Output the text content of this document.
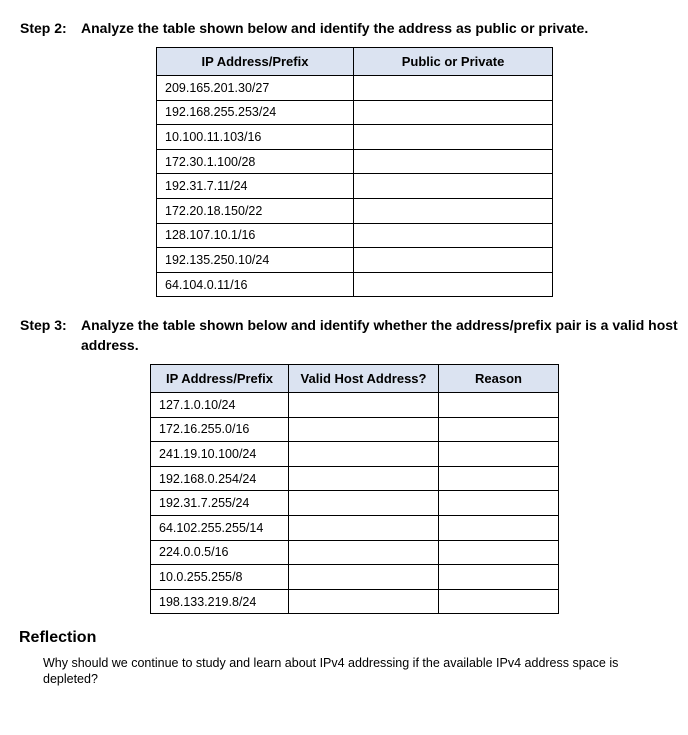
Step 2: Analyze the table shown below and identify the address as public or private.
IP Address/Prefix	Public or Private
209.165.201.30/27	
192.168.255.253/24	
10.100.11.103/16	
172.30.1.100/28	
192.31.7.11/24	
172.20.18.150/22	
128.107.10.1/16	
192.135.250.10/24	
64.104.0.11/16	
Step 3: Analyze the table shown below and identify whether the address/prefix pair is a valid host address.
IP Address/Prefix	Valid Host Address?	Reason
127.1.0.10/24		
172.16.255.0/16		
241.19.10.100/24		
192.168.0.254/24		
192.31.7.255/24		
64.102.255.255/14		
224.0.0.5/16		
10.0.255.255/8		
198.133.219.8/24		
Reflection
Why should we continue to study and learn about IPv4 addressing if the available IPv4 address space is depleted?
